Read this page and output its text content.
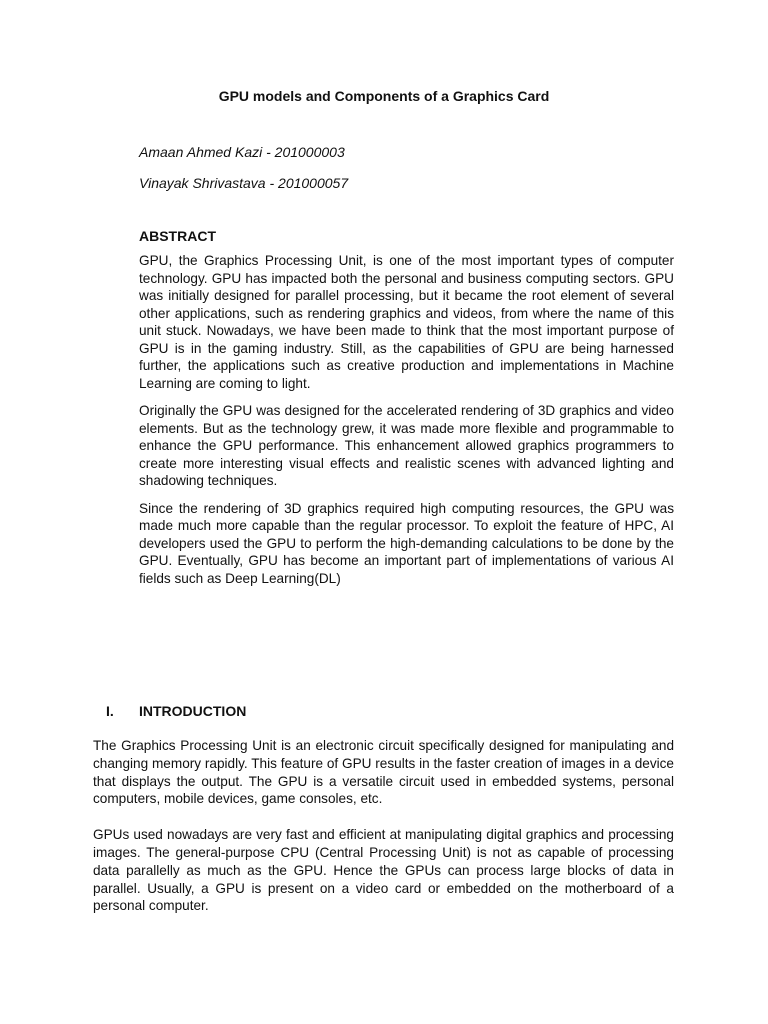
GPU models and Components of a Graphics Card
Amaan Ahmed Kazi - 201000003
Vinayak Shrivastava - 201000057
ABSTRACT

GPU, the Graphics Processing Unit, is one of the most important types of computer technology. GPU has impacted both the personal and business computing sectors. GPU was initially designed for parallel processing, but it became the root element of several other applications, such as rendering graphics and videos, from where the name of this unit stuck. Nowadays, we have been made to think that the most important purpose of GPU is in the gaming industry. Still, as the capabilities of GPU are being harnessed further, the applications such as creative production and implementations in Machine Learning are coming to light.

Originally the GPU was designed for the accelerated rendering of 3D graphics and video elements. But as the technology grew, it was made more flexible and programmable to enhance the GPU performance. This enhancement allowed graphics programmers to create more interesting visual effects and realistic scenes with advanced lighting and shadowing techniques.

Since the rendering of 3D graphics required high computing resources, the GPU was made much more capable than the regular processor. To exploit the feature of HPC, AI developers used the GPU to perform the high-demanding calculations to be done by the GPU. Eventually, GPU has become an important part of implementations of various AI fields such as Deep Learning(DL)

I. INTRODUCTION

The Graphics Processing Unit is an electronic circuit specifically designed for manipulating and changing memory rapidly. This feature of GPU results in the faster creation of images in a device that displays the output. The GPU is a versatile circuit used in embedded systems, personal computers, mobile devices, game consoles, etc.

GPUs used nowadays are very fast and efficient at manipulating digital graphics and processing images. The general-purpose CPU (Central Processing Unit) is not as capable of processing data parallelly as much as the GPU. Hence the GPUs can process large blocks of data in parallel. Usually, a GPU is present on a video card or embedded on the motherboard of a personal computer.
